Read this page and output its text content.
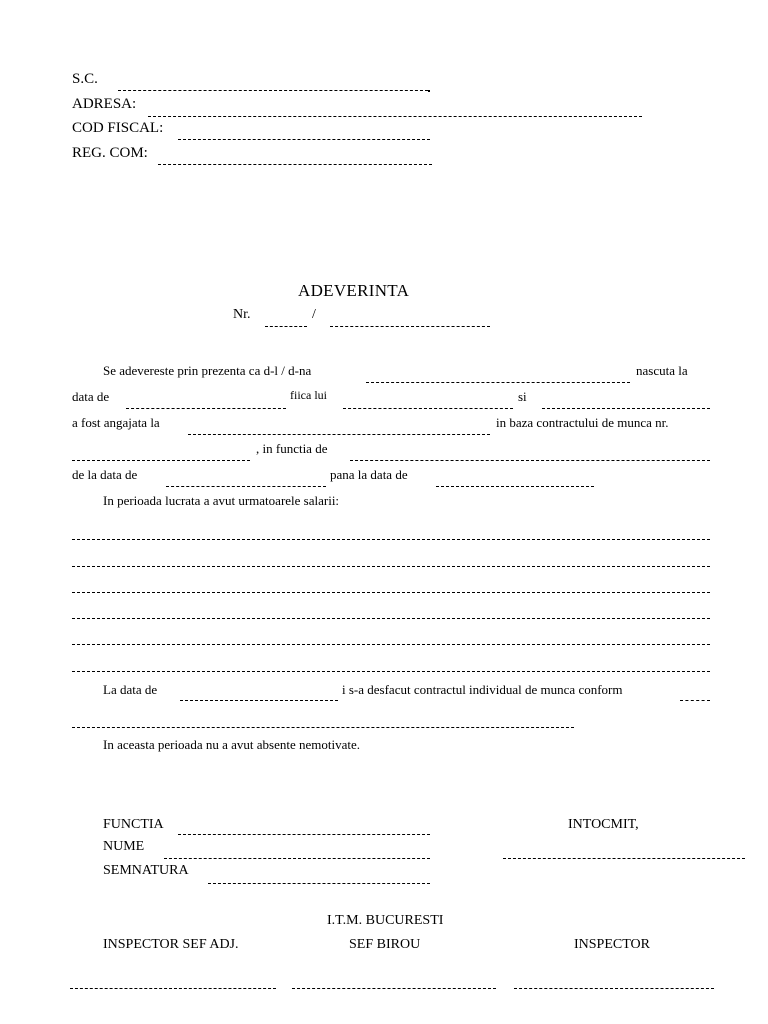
S.C.
ADRESA:
COD FISCAL:
REG. COM:
ADEVERINTA
Nr.	/
Se adevereste prin prezenta ca d-l / d-na	nascuta la
data de	fiica lui	si
a fost angajata la	in baza contractului de munca nr.
, in functia de
de la data de	pana la data de
In perioada lucrata a avut urmatoarele salarii:
La data de	i s-a desfacut contractul individual de munca conform
In aceasta perioada nu a avut absente nemotivate.
FUNCTIA	INTOCMIT,
NUME
SEMNATURA
I.T.M. BUCURESTI
INSPECTOR SEF ADJ.	SEF BIROU	INSPECTOR
